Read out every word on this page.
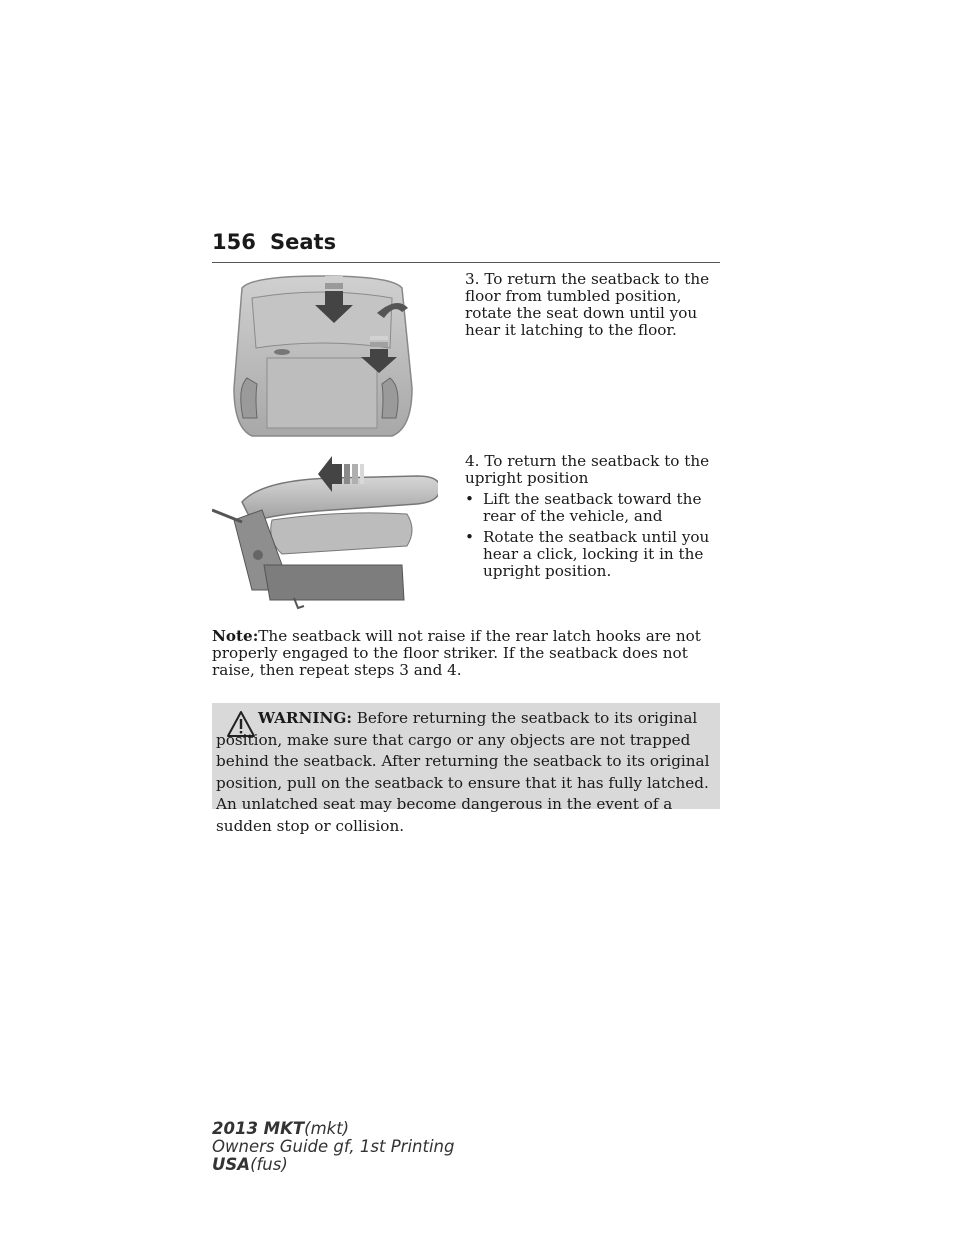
156 Seats
3. To return the seatback to the floor from tumbled position, rotate the seat down until you hear it latching to the floor.

4. To return the seatback to the upright position

• Lift the seatback toward the rear of the vehicle, and
• Rotate the seatback until you hear a click, locking it in the upright position.
Note:The seatback will not raise if the rear latch hooks are not properly engaged to the floor striker. If the seatback does not raise, then repeat steps 3 and 4.
WARNING: Before returning the seatback to its original position, make sure that cargo or any objects are not trapped behind the seatback. After returning the seatback to its original position, pull on the seatback to ensure that it has fully latched. An unlatched seat may become dangerous in the event of a sudden stop or collision.
2013 MKT(mkt)
Owners Guide gf, 1st Printing
USA(fus)
